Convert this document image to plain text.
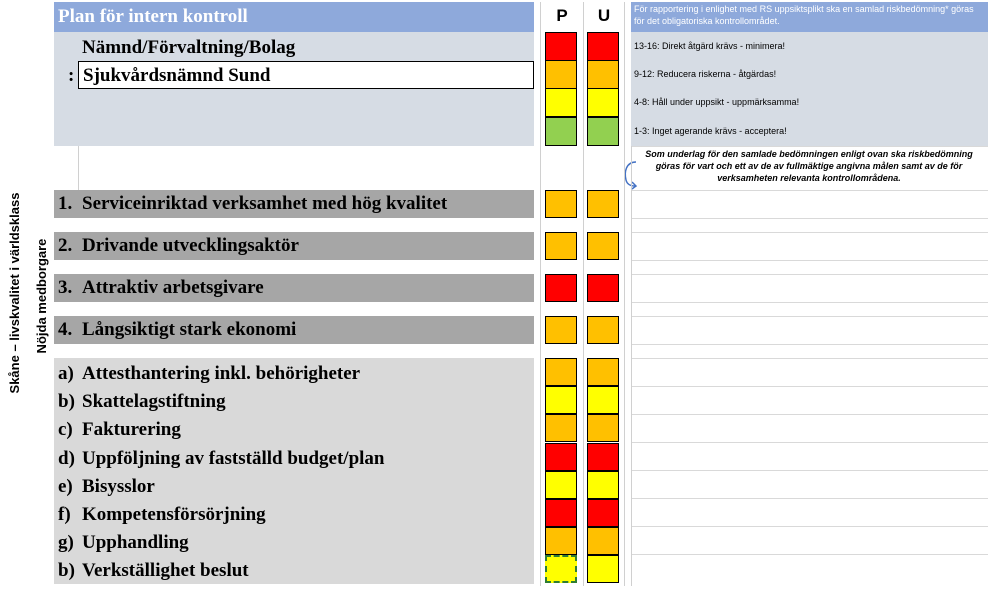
Skåne – livskvalitet i världsklass Nöjda medborgare
Plan för intern kontroll
Nämnd/Förvaltning/Bolag
: Sjukvårdsnämnd Sund
P	U	För rapportering i enlighet med RS uppsiktsplikt ska en samlad riskbedömning* göras för det obligatoriska kontrollområdet.
13-16: Direkt åtgärd krävs - minimera!
9-12: Reducera riskerna - åtgärdas!
4-8: Håll under uppsikt - uppmärksamma!
1-3: Inget agerande krävs - acceptera!
Som underlag för den samlade bedömningen enligt ovan ska riskbedömning göras för vart och ett av de av fullmäktige angivna målen samt av de för verksamheten relevanta kontrollområdena.
1. Serviceinriktad verksamhet med hög kvalitet
2. Drivande utvecklingsaktör
3. Attraktiv arbetsgivare
4. Långsiktigt stark ekonomi
a) Attesthantering inkl. behörigheter
b) Skattelagstiftning
c) Fakturering
d) Uppföljning av fastställd budget/plan
e) Bisysslor
f) Kompetensförsörjning
g) Upphandling
b) Verkställighet beslut
